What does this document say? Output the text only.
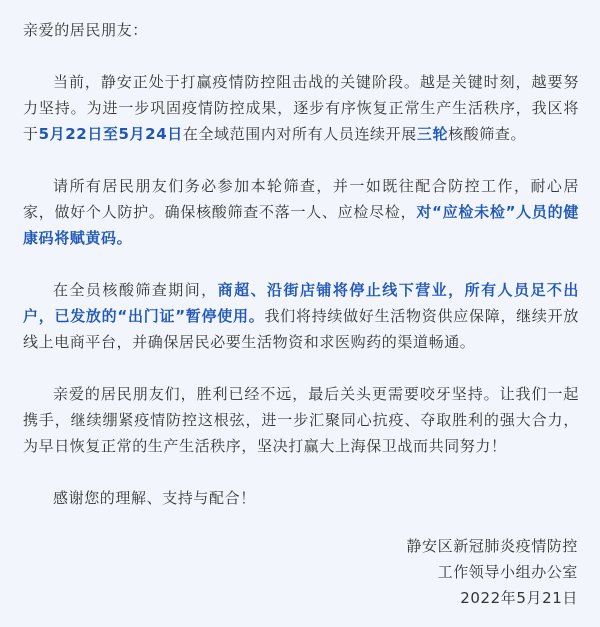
亲爱的居民朋友：

当前，静安正处于打赢疫情防控阻击战的关键阶段。越是关键时刻，越要努力坚持。为进一步巩固疫情防控成果，逐步有序恢复正常生产生活秩序，我区将于5月22日至5月24日在全域范围内对所有人员连续开展三轮核酸筛查。

请所有居民朋友们务必参加本轮筛查，并一如既往配合防控工作，耐心居家，做好个人防护。确保核酸筛查不落一人、应检尽检，对“应检未检”人员的健康码将赋黄码。

在全员核酸筛查期间，商超、沿街店铺将停止线下营业，所有人员足不出户，已发放的“出门证”暂停使用。我们将持续做好生活物资供应保障，继续开放线上电商平台，并确保居民必要生活物资和求医购药的渠道畅通。

亲爱的居民朋友们，胜利已经不远，最后关头更需要咬牙坚持。让我们一起携手，继续绷紧疫情防控这根弦，进一步汇聚同心抗疫、夺取胜利的强大合力，为早日恢复正常的生产生活秩序，坚决打赢大上海保卫战而共同努力！

感谢您的理解、支持与配合！

静安区新冠肺炎疫情防控
工作领导小组办公室
2022年5月21日
